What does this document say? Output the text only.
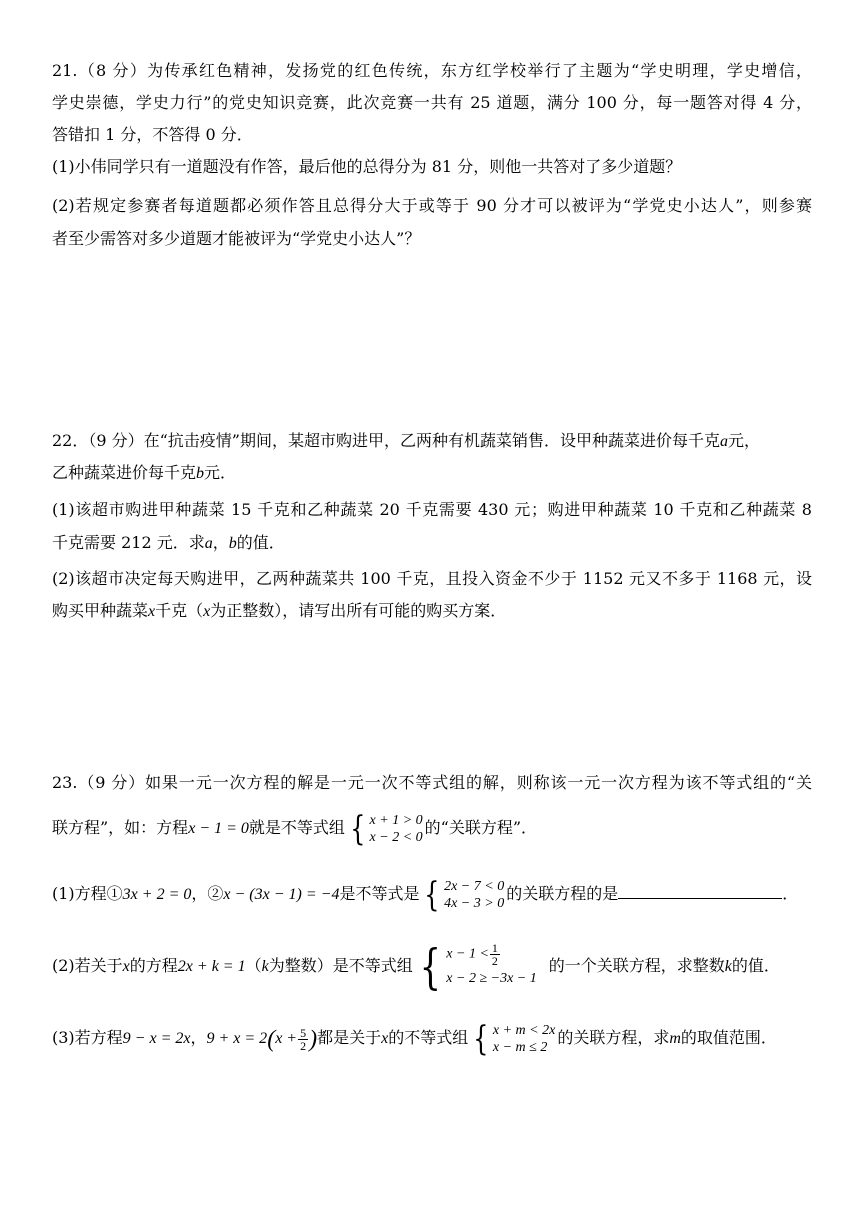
21.（8 分）为传承红色精神，发扬党的红色传统，东方红学校举行了主题为“学史明理，学史增信，
学史崇德，学史力行”的党史知识竞赛，此次竞赛一共有 25 道题，满分 100 分，每一题答对得 4 分，
答错扣 1 分，不答得 0 分．
(1)小伟同学只有一道题没有作答，最后他的总得分为 81 分，则他一共答对了多少道题？
(2)若规定参赛者每道题都必须作答且总得分大于或等于 90 分才可以被评为“学党史小达人”，则参赛
者至少需答对多少道题才能被评为“学党史小达人”？
22．（9 分）在“抗击疫情”期间，某超市购进甲，乙两种有机蔬菜销售．设甲种蔬菜进价每千克a元，
乙种蔬菜进价每千克b元．
(1)该超市购进甲种蔬菜 15 千克和乙种蔬菜 20 千克需要 430 元；购进甲种蔬菜 10 千克和乙种蔬菜 8
千克需要 212 元．求a，b的值．
(2)该超市决定每天购进甲，乙两种蔬菜共 100 千克，且投入资金不少于 1152 元又不多于 1168 元，设
购买甲种蔬菜x千克（x为正整数），请写出所有可能的购买方案．
23.（9 分）如果一元一次方程的解是一元一次不等式组的解，则称该一元一次方程为该不等式组的“关
联方程”，如：方程x − 1 = 0就是不等式组 { x + 1 > 0
x − 2 < 0 的“关联方程”．
(1)方程①3x + 2 = 0，②x − (3x − 1) = −4是不等式是 { 2x − 7 < 0
4x − 3 > 0 的关联方程的是	．
(2)若关于x的方程2x + k = 1（k为整数）是不等式组 { $x - 1 < \frac{1}{2}$
x − 2 ≥ −3x − 1
的一个关联方程，求整数k的值．
(3)若方程9 − x = 2x，$9 + x = 2(x + \frac{5}{2}$ )都是关于x的不等式组 { x + m < 2x
x − m ≤ 2 的关联方程，求m的取值范围．
